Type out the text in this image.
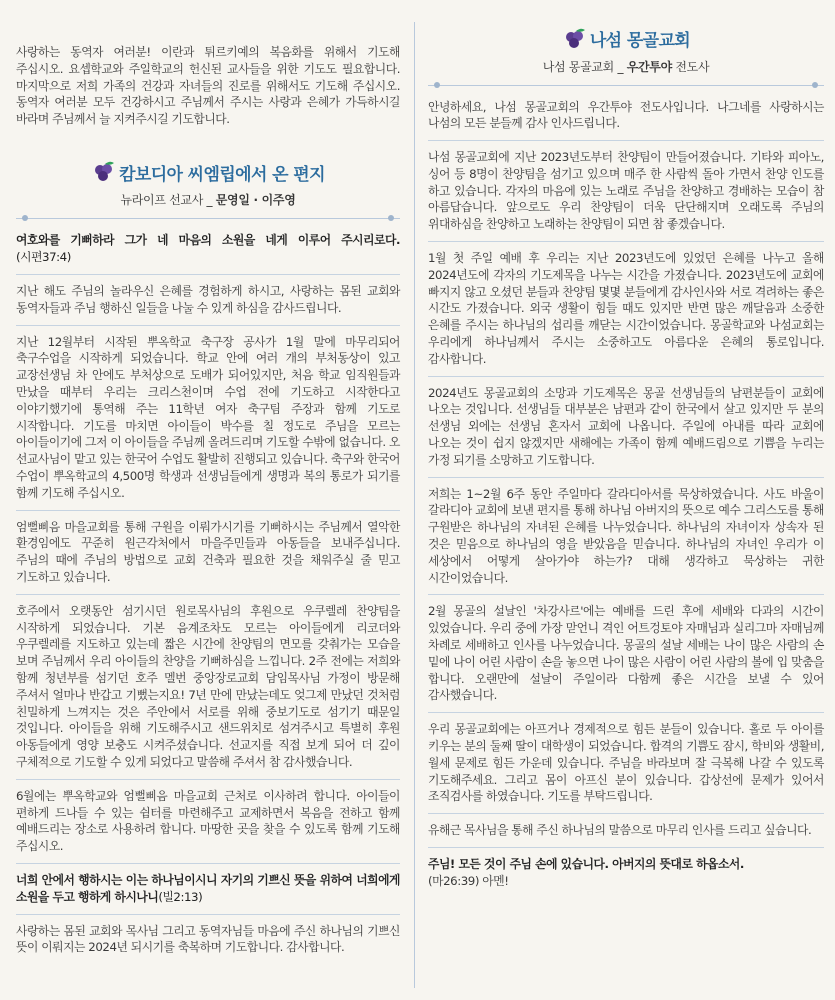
사랑하는 동역자 여러분! 이란과 튀르키예의 복음화를 위해서 기도해 주십시오. 요셉학교와 주일학교의 헌신된 교사들을 위한 기도도 필요합니다. 마지막으로 저희 가족의 건강과 자녀들의 진로를 위해서도 기도해 주십시오. 동역자 여러분 모두 건강하시고 주님께서 주시는 사랑과 은혜가 가득하시길 바라며 주님께서 늘 지켜주시길 기도합니다.

캄보디아 씨엠립에서 온 편지
뉴라이프 선교사 _ 문영일 · 이주영

여호와를 기뻐하라 그가 네 마음의 소원을 네게 이루어 주시리로다. (시편37:4)

지난 해도 주님의 놀라우신 은혜를 경험하게 하시고, 사랑하는 몸된 교회와 동역자들과 주님 행하신 일들을 나눌 수 있게 하심을 감사드립니다.

지난 12월부터 시작된 뿌옥학교 축구장 공사가 1월 말에 마무리되어 축구수업을 시작하게 되었습니다. 학교 안에 여러 개의 부처동상이 있고 교장선생님 차 안에도 부처상으로 도배가 되어있지만, 처음 학교 임직원들과 만났을 때부터 우리는 크리스천이며 수업 전에 기도하고 시작한다고 이야기했기에 통역해 주는 11학년 여자 축구팀 주장과 함께 기도로 시작합니다. 기도를 마치면 아이들이 박수를 칠 정도로 주님을 모르는 아이들이기에 그저 이 아이들을 주님께 올려드리며 기도할 수밖에 없습니다. 오 선교사님이 맡고 있는 한국어 수업도 활발히 진행되고 있습니다. 축구와 한국어 수업이 뿌옥학교의 4,500명 학생과 선생님들에게 생명과 복의 통로가 되기를 함께 기도해 주십시오.

엄뻘삐음 마을교회를 통해 구원을 이뤄가시기를 기뻐하시는 주님께서 열악한 환경임에도 꾸준히 원근각처에서 마을주민들과 아동들을 보내주십니다. 주님의 때에 주님의 방법으로 교회 건축과 필요한 것을 채워주실 줄 믿고 기도하고 있습니다.

호주에서 오랫동안 섬기시던 원로목사님의 후원으로 우쿠렐레 찬양팀을 시작하게 되었습니다. 기본 음계조차도 모르는 아이들에게 리코더와 우쿠렐레를 지도하고 있는데 짧은 시간에 찬양팀의 면모를 갖춰가는 모습을 보며 주님께서 우리 아이들의 찬양을 기뻐하심을 느낍니다. 2주 전에는 저희와 함께 청년부를 섬기던 호주 멜번 중앙장로교회 담임목사님 가정이 방문해 주셔서 얼마나 반갑고 기뻤는지요! 7년 만에 만났는데도 엊그제 만났던 것처럼 친밀하게 느껴지는 것은 주안에서 서로를 위해 중보기도로 섬기기 때문일 것입니다. 아이들을 위해 기도해주시고 샌드위치로 섬겨주시고 특별히 후원 아동들에게 영양 보충도 시켜주셨습니다. 선교지를 직접 보게 되어 더 깊이 구체적으로 기도할 수 있게 되었다고 말씀해 주셔서 참 감사했습니다.

6월에는 뿌옥학교와 엄뻘삐음 마을교회 근처로 이사하려 합니다. 아이들이 편하게 드나들 수 있는 쉼터를 마련해주고 교제하면서 복음을 전하고 함께 예배드리는 장소로 사용하려 합니다. 마땅한 곳을 찾을 수 있도록 함께 기도해 주십시오.

너희 안에서 행하시는 이는 하나님이시니 자기의 기쁘신 뜻을 위하여 너희에게 소원을 두고 행하게 하시나니(빌2:13)

사랑하는 몸된 교회와 목사님 그리고 동역자님들 마음에 주신 하나님의 기쁘신 뜻이 이뤄지는 2024년 되시기를 축복하며 기도합니다. 감사합니다.

나섬 몽골교회
나섬 몽골교회 _ 우간투야 전도사

안녕하세요, 나섬 몽골교회의 우간투야 전도사입니다. 나그네를 사랑하시는 나섬의 모든 분들께 감사 인사드립니다.

나섬 몽골교회에 지난 2023년도부터 찬양팀이 만들어졌습니다. 기타와 피아노, 싱어 등 8명이 찬양팀을 섬기고 있으며 매주 한 사람씩 돌아 가면서 찬양 인도를 하고 있습니다. 각자의 마음에 있는 노래로 주님을 찬양하고 경배하는 모습이 참 아름답습니다. 앞으로도 우리 찬양팀이 더욱 단단해지며 오래도록 주님의 위대하심을 찬양하고 노래하는 찬양팀이 되면 참 좋겠습니다.

1월 첫 주일 예배 후 우리는 지난 2023년도에 있었던 은혜를 나누고 올해 2024년도에 각자의 기도제목을 나누는 시간을 가졌습니다. 2023년도에 교회에 빠지지 않고 오셨던 분들과 찬양팀 몇몇 분들에게 감사인사와 서로 격려하는 좋은 시간도 가졌습니다. 외국 생활이 힘들 때도 있지만 반면 많은 깨달음과 소중한 은혜를 주시는 하나님의 섭리를 깨닫는 시간이었습니다. 몽골학교와 나섬교회는 우리에게 하나님께서 주시는 소중하고도 아름다운 은혜의 통로입니다. 감사합니다.

2024년도 몽골교회의 소망과 기도제목은 몽골 선생님들의 남편분들이 교회에 나오는 것입니다. 선생님들 대부분은 남편과 같이 한국에서 살고 있지만 두 분의 선생님 외에는 선생님 혼자서 교회에 나옵니다. 주일에 아내를 따라 교회에 나오는 것이 쉽지 않겠지만 새해에는 가족이 함께 예배드림으로 기쁨을 누리는 가정 되기를 소망하고 기도합니다.

저희는 1~2월 6주 동안 주일마다 갈라디아서를 묵상하였습니다. 사도 바울이 갈라디아 교회에 보낸 편지를 통해 하나님 아버지의 뜻으로 예수 그리스도를 통해 구원받은 하나님의 자녀된 은혜를 나누었습니다. 하나님의 자녀이자 상속자 된 것은 믿음으로 하나님의 영을 받았음을 믿습니다. 하나님의 자녀인 우리가 이 세상에서 어떻게 살아가야 하는가? 대해 생각하고 묵상하는 귀한 시간이었습니다.

2월 몽골의 설날인 '차강사르'에는 예배를 드린 후에 세배와 다과의 시간이 있었습니다. 우리 중에 가장 맏언니 격인 어트겅토야 자매님과 실리그마 자매님께 차례로 세배하고 인사를 나누었습니다. 몽골의 설날 세배는 나이 많은 사람의 손 밑에 나이 어린 사람이 손을 놓으면 나이 많은 사람이 어린 사람의 볼에 입 맞춤을 합니다. 오랜만에 설날이 주일이라 다함께 좋은 시간을 보낼 수 있어 감사했습니다.

우리 몽골교회에는 아프거나 경제적으로 힘든 분들이 있습니다. 홀로 두 아이를 키우는 분의 둘째 딸이 대학생이 되었습니다. 합격의 기쁨도 잠시, 학비와 생활비, 월세 문제로 힘든 가운데 있습니다. 주님을 바라보며 잘 극복해 나갈 수 있도록 기도해주세요. 그리고 몸이 아프신 분이 있습니다. 갑상선에 문제가 있어서 조직검사를 하였습니다. 기도를 부탁드립니다.

유해근 목사님을 통해 주신 하나님의 말씀으로 마무리 인사를 드리고 싶습니다.

주님! 모든 것이 주님 손에 있습니다. 아버지의 뜻대로 하옵소서.

(마26:39) 아멘!
